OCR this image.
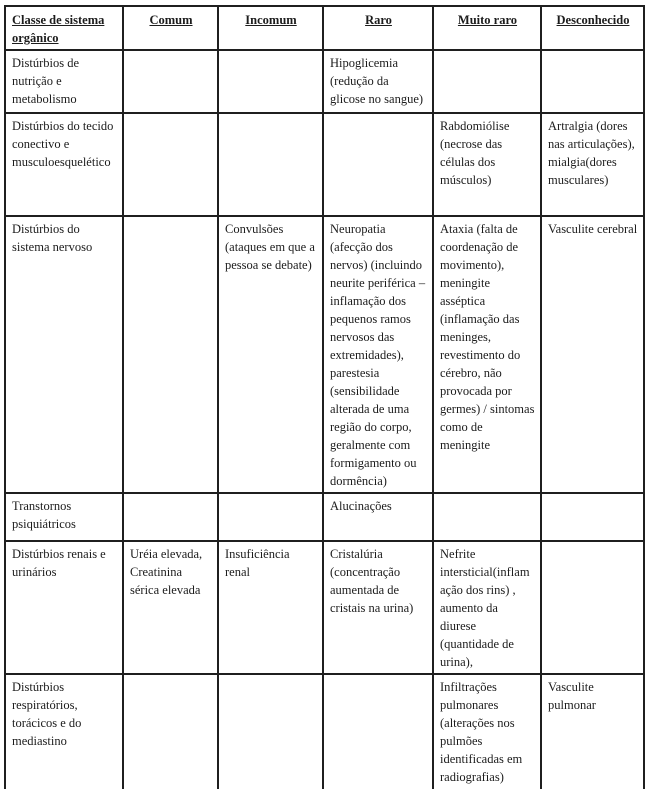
Classe de sistema orgânico	Comum	Incomum	Raro	Muito raro	Desconhecido
Distúrbios de nutrição e metabolismo			Hipoglicemia (redução da glicose no sangue)		
Distúrbios do tecido conectivo e musculoesquelético				Rabdomiólise (necrose das células dos músculos)	Artralgia (dores nas articulações), mialgia(dores musculares)
Distúrbios do sistema nervoso		Convulsões (ataques em que a pessoa se debate)	Neuropatia (afecção dos nervos) (incluindo neurite periférica – inflamação dos pequenos ramos nervosos das extremidades), parestesia (sensibilidade alterada de uma região do corpo, geralmente com formigamento ou dormência)	Ataxia (falta de coordenação de movimento), meningite asséptica (inflamação das meninges, revestimento do cérebro, não provocada por germes) / sintomas como de meningite	Vasculite cerebral
Transtornos psiquiátricos			Alucinações		
Distúrbios renais e urinários	Uréia elevada, Creatinina sérica elevada	Insuficiência renal	Cristalúria (concentração aumentada de cristais na urina)	Nefrite intersticial(inflamação dos rins) , aumento da diurese (quantidade de urina),	
Distúrbios respiratórios, torácicos e do mediastino				Infiltrações pulmonares (alterações nos pulmões identificadas em radiografias)	Vasculite pulmonar
